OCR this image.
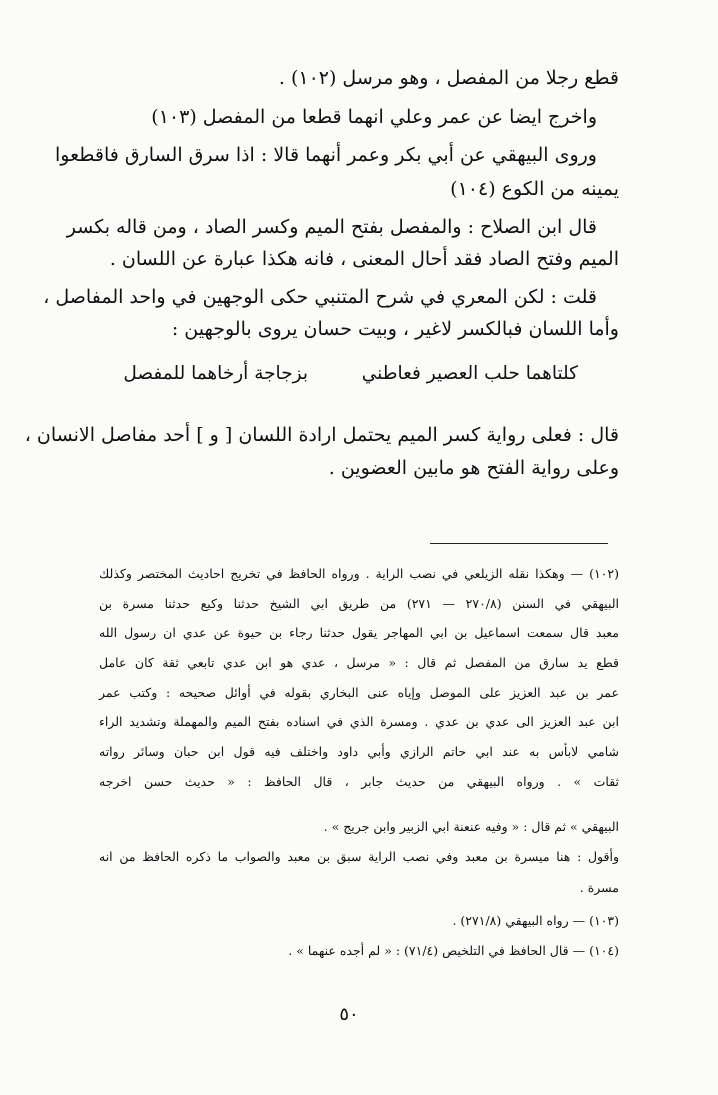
قطع رجلا من المفصل ، وهو مرسل (١٠٢) .
واخرج ايضا عن عمر وعلي انهما قطعا من المفصل (١٠٣)
وروى البيهقي عن أبي بكر وعمر أنهما قالا : اذا سرق السارق فاقطعوا
يمينه من الكوع (١٠٤)
قال ابن الصلاح : والمفصل بفتح الميم وكسر الصاد ، ومن قاله بكسر
الميم وفتح الصاد فقد أحال المعنى ، فانه هكذا عبارة عن اللسان .
قلت : لكن المعري في شرح المتنبي حكى الوجهين في واحد المفاصل ،
وأما اللسان فبالكسر لاغير ، وبيت حسان يروى بالوجهين :
كلتاهما حلب العصير فعاطني
بزجاجة أرخاهما للمفصل
قال : فعلى رواية كسر الميم يحتمل ارادة اللسان [ و ] أحد مفاصل الانسان ،
وعلى رواية الفتح هو مابين العضوين .
(١٠٢) — وهكذا نقله الزيلعي في نصب الراية . ورواه الحافظ في تخريج احاديث المختصر وكذلك
البيهقي في السنن (٢٧٠/٨ — ٢٧١) من طريق ابي الشيخ حدثنا وكيع حدثنا مسرة بن
معبد قال سمعت اسماعيل بن ابي المهاجر يقول حدثنا رجاء بن حيوة عن عدي ان رسول الله
قطع يد سارق من المفصل ثم قال : « مرسل ، عدي هو ابن عدي تابعي ثقة كان عامل
عمر بن عبد العزيز على الموصل وإياه عنى البخاري بقوله في أوائل صحيحه : وكتب عمر
ابن عبد العزيز الى عدي بن عدي . ومسرة الذي في اسناده بفتح الميم والمهملة وتشديد الراء
شامي لابأس به عند ابي حاتم الرازي وأبي داود واختلف فيه قول ابن حبان وسائر رواته
ثقات » . ورواه البيهقي من حديث جابر ، قال الحافظ : « حديث حسن اخرجه
البيهقي » ثم قال : « وفيه عنعنة ابي الزبير وابن جريج » .
وأقول : هنا ميسرة بن معبد وفي نصب الراية سبق بن معبد والصواب ما ذكره الحافظ من انه
مسرة .
(١٠٣) — رواه البيهقي (٢٧١/٨) .
(١٠٤) — قال الحافظ في التلخيص (٧١/٤) : « لم أجده عنهما » .
٥٠
